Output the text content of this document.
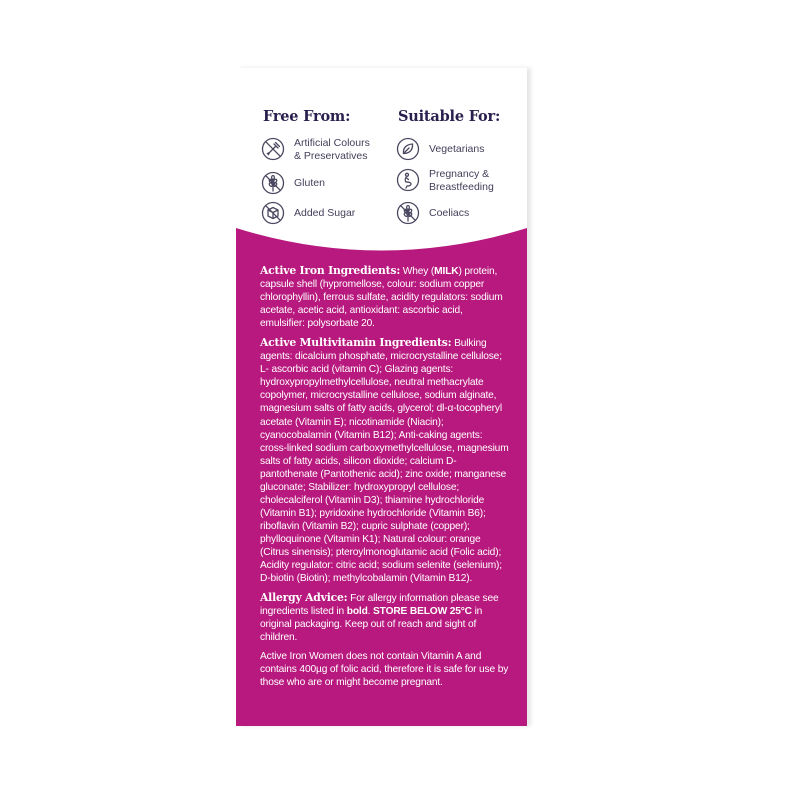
Free From:	Suitable For:
Artificial Colours
& Preservatives
Gluten
Added Sugar
Vegetarians
Pregnancy &
Breastfeeding
Coeliacs

Active Iron Ingredients: Whey (MILK) protein, capsule shell (hypromellose, colour: sodium copper chlorophyllin), ferrous sulfate, acidity regulators: sodium acetate, acetic acid, antioxidant: ascorbic acid, emulsifier: polysorbate 20.

Active Multivitamin Ingredients: Bulking agents: dicalcium phosphate, microcrystalline cellulose; L- ascorbic acid (vitamin C); Glazing agents: hydroxypropylmethylcellulose, neutral methacrylate copolymer, microcrystalline cellulose, sodium alginate, magnesium salts of fatty acids, glycerol; dl-α-tocopheryl acetate (Vitamin E); nicotinamide (Niacin); cyanocobalamin (Vitamin B12); Anti-caking agents: cross-linked sodium carboxymethylcellulose, magnesium salts of fatty acids, silicon dioxide; calcium D-pantothenate (Pantothenic acid); zinc oxide; manganese gluconate; Stabilizer: hydroxypropyl cellulose; cholecalciferol (Vitamin D3); thiamine hydrochloride (Vitamin B1); pyridoxine hydrochloride (Vitamin B6); riboflavin (Vitamin B2); cupric sulphate (copper); phylloquinone (Vitamin K1); Natural colour: orange (Citrus sinensis); pteroylmonoglutamic acid (Folic acid); Acidity regulator: citric acid; sodium selenite (selenium); D-biotin (Biotin); methylcobalamin (Vitamin B12).

Allergy Advice: For allergy information please see ingredients listed in bold. STORE BELOW 25°C in original packaging. Keep out of reach and sight of children.

Active Iron Women does not contain Vitamin A and contains 400µg of folic acid, therefore it is safe for use by those who are or might become pregnant.
